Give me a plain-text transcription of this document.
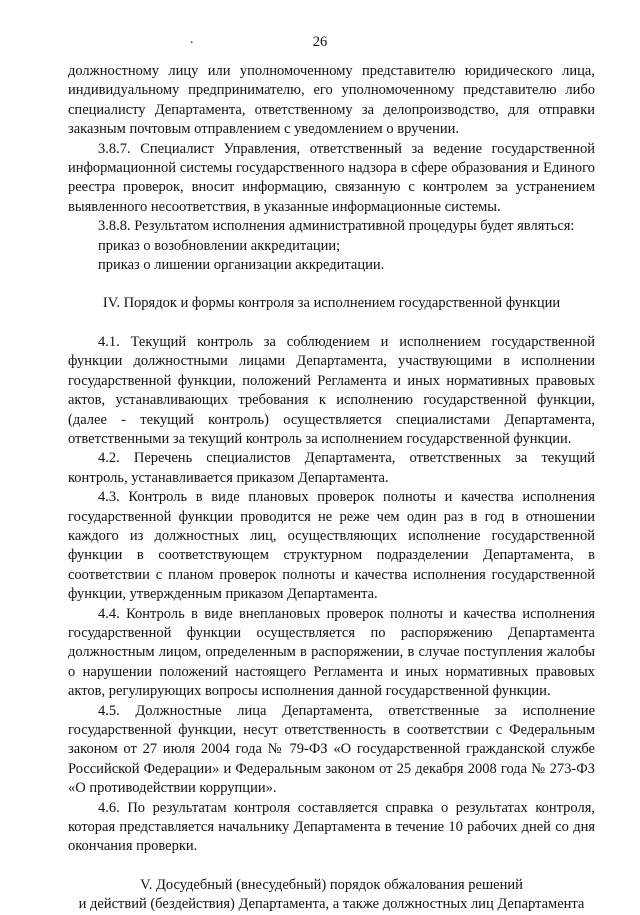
.	26

должностному лицу или уполномоченному представителю юридического лица, индивидуальному предпринимателю, его уполномоченному представителю либо специалисту Департамента, ответственному за делопроизводство, для отправки заказным почтовым отправлением с уведомлением о вручении.

3.8.7. Специалист Управления, ответственный за ведение государственной информационной системы государственного надзора в сфере образования и Единого реестра проверок, вносит информацию, связанную с контролем за устранением выявленного несоответствия, в указанные информационные системы.

3.8.8. Результатом исполнения административной процедуры будет являться:

приказ о возобновлении аккредитации;

приказ о лишении организации аккредитации.

IV. Порядок и формы контроля за исполнением государственной функции

4.1. Текущий контроль за соблюдением и исполнением государственной функции должностными лицами Департамента, участвующими в исполнении государственной функции, положений Регламента и иных нормативных правовых актов, устанавливающих требования к исполнению государственной функции, (далее - текущий контроль) осуществляется специалистами Департамента, ответственными за текущий контроль за исполнением государственной функции.

4.2. Перечень специалистов Департамента, ответственных за текущий контроль, устанавливается приказом Департамента.

4.3. Контроль в виде плановых проверок полноты и качества исполнения государственной функции проводится не реже чем один раз в год в отношении каждого из должностных лиц, осуществляющих исполнение государственной функции в соответствующем структурном подразделении Департамента, в соответствии с планом проверок полноты и качества исполнения государственной функции, утвержденным приказом Департамента.

4.4. Контроль в виде внеплановых проверок полноты и качества исполнения государственной функции осуществляется по распоряжению Департамента должностным лицом, определенным в распоряжении, в случае поступления жалобы о нарушении положений настоящего Регламента и иных нормативных правовых актов, регулирующих вопросы исполнения данной государственной функции.

4.5. Должностные лица Департамента, ответственные за исполнение государственной функции, несут ответственность в соответствии с Федеральным законом от 27 июля 2004 года № 79-ФЗ «О государственной гражданской службе Российской Федерации» и Федеральным законом от 25 декабря 2008 года № 273-ФЗ «О противодействии коррупции».

4.6. По результатам контроля составляется справка о результатах контроля, которая представляется начальнику Департамента в течение 10 рабочих дней со дня окончания проверки.

V. Досудебный (внесудебный) порядок обжалования решений

и действий (бездействия) Департамента, а также должностных лиц Департамента
